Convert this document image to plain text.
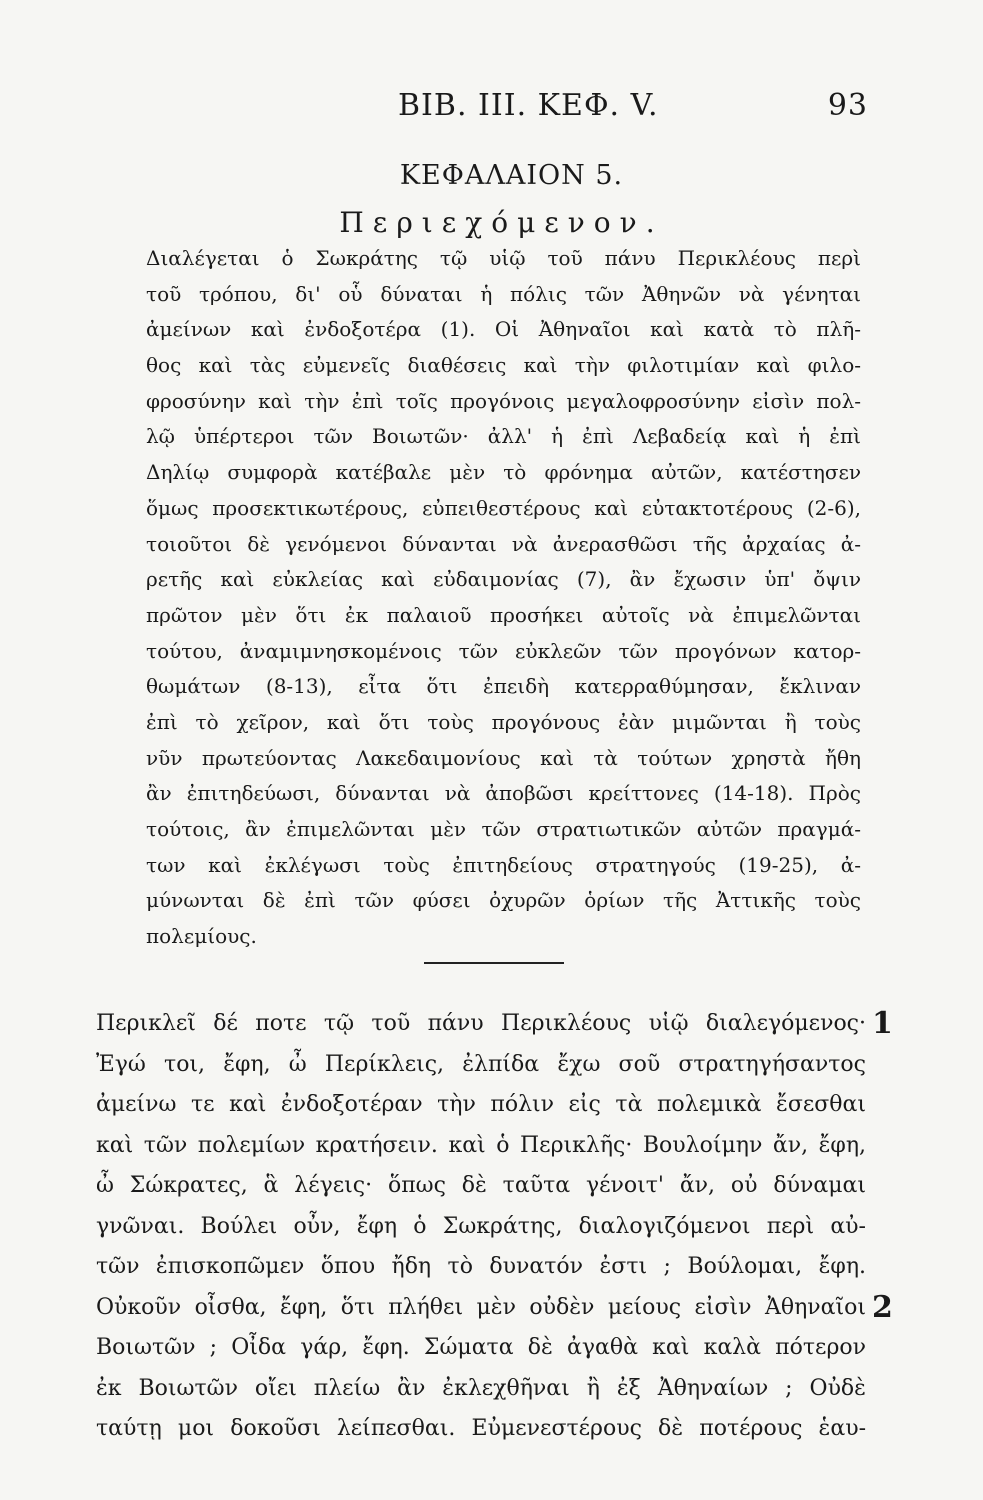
ΒΙΒ. ΙΙΙ. ΚΕΦ. V.	93
ΚΕΦΑΛΑΙΟΝ 5.
Περιεχόμενον.
Διαλέγεται ὁ Σωκράτης τῷ υἱῷ τοῦ πάνυ Περικλέους περὶ
τοῦ τρόπου, δι' οὗ δύναται ἡ πόλις τῶν Ἀθηνῶν νὰ γένηται
ἀμείνων καὶ ἐνδοξοτέρα (1). Οἱ Ἀθηναῖοι καὶ κατὰ τὸ πλῆ-
θος καὶ τὰς εὐμενεῖς διαθέσεις καὶ τὴν φιλοτιμίαν καὶ φιλο-
φροσύνην καὶ τὴν ἐπὶ τοῖς προγόνοις μεγαλοφροσύνην εἰσὶν πολ-
λῷ ὑπέρτεροι τῶν Βοιωτῶν· ἀλλ' ἡ ἐπὶ Λεβαδείᾳ καὶ ἡ ἐπὶ
Δηλίῳ συμφορὰ κατέβαλε μὲν τὸ φρόνημα αὐτῶν, κατέστησεν
ὅμως προσεκτικωτέρους, εὐπειθεστέρους καὶ εὐτακτοτέρους (2-6),
τοιοῦτοι δὲ γενόμενοι δύνανται νὰ ἀνερασθῶσι τῆς ἀρχαίας ἀ-
ρετῆς καὶ εὐκλείας καὶ εὐδαιμονίας (7), ἂν ἔχωσιν ὑπ' ὄψιν
πρῶτον μὲν ὅτι ἐκ παλαιοῦ προσήκει αὐτοῖς νὰ ἐπιμελῶνται
τούτου, ἀναμιμνησκομένοις τῶν εὐκλεῶν τῶν προγόνων κατορ-
θωμάτων (8-13), εἶτα ὅτι ἐπειδὴ κατερραθύμησαν, ἔκλιναν
ἐπὶ τὸ χεῖρον, καὶ ὅτι τοὺς προγόνους ἐὰν μιμῶνται ἢ τοὺς
νῦν πρωτεύοντας Λακεδαιμονίους καὶ τὰ τούτων χρηστὰ ἤθη
ἂν ἐπιτηδεύωσι, δύνανται νὰ ἀποβῶσι κρείττονες (14-18). Πρὸς
τούτοις, ἂν ἐπιμελῶνται μὲν τῶν στρατιωτικῶν αὐτῶν πραγμά-
των καὶ ἐκλέγωσι τοὺς ἐπιτηδείους στρατηγούς (19-25), ἀ-
μύνωνται δὲ ἐπὶ τῶν φύσει ὀχυρῶν ὁρίων τῆς Ἀττικῆς τοὺς
πολεμίους.
Περικλεῖ δέ ποτε τῷ τοῦ πάνυ Περικλέους υἱῷ διαλεγόμενος·
Ἐγώ τοι, ἔφη, ὦ Περίκλεις, ἐλπίδα ἔχω σοῦ στρατηγήσαντος
ἀμείνω τε καὶ ἐνδοξοτέραν τὴν πόλιν εἰς τὰ πολεμικὰ ἔσεσθαι
καὶ τῶν πολεμίων κρατήσειν. καὶ ὁ Περικλῆς· Βουλοίμην ἄν, ἔφη,
ὦ Σώκρατες, ἃ λέγεις· ὅπως δὲ ταῦτα γένοιτ' ἄν, οὐ δύναμαι
γνῶναι. Βούλει οὖν, ἔφη ὁ Σωκράτης, διαλογιζόμενοι περὶ αὐ-
τῶν ἐπισκοπῶμεν ὅπου ἤδη τὸ δυνατόν ἐστι ; Βούλομαι, ἔφη.
Οὐκοῦν οἶσθα, ἔφη, ὅτι πλήθει μὲν οὐδὲν μείους εἰσὶν Ἀθηναῖοι
Βοιωτῶν ; Οἶδα γάρ, ἔφη. Σώματα δὲ ἀγαθὰ καὶ καλὰ πότερον
ἐκ Βοιωτῶν οἴει πλείω ἂν ἐκλεχθῆναι ἢ ἐξ Ἀθηναίων ; Οὐδὲ
ταύτῃ μοι δοκοῦσι λείπεσθαι. Εὐμενεστέρους δὲ ποτέρους ἑαυ-
1
2
